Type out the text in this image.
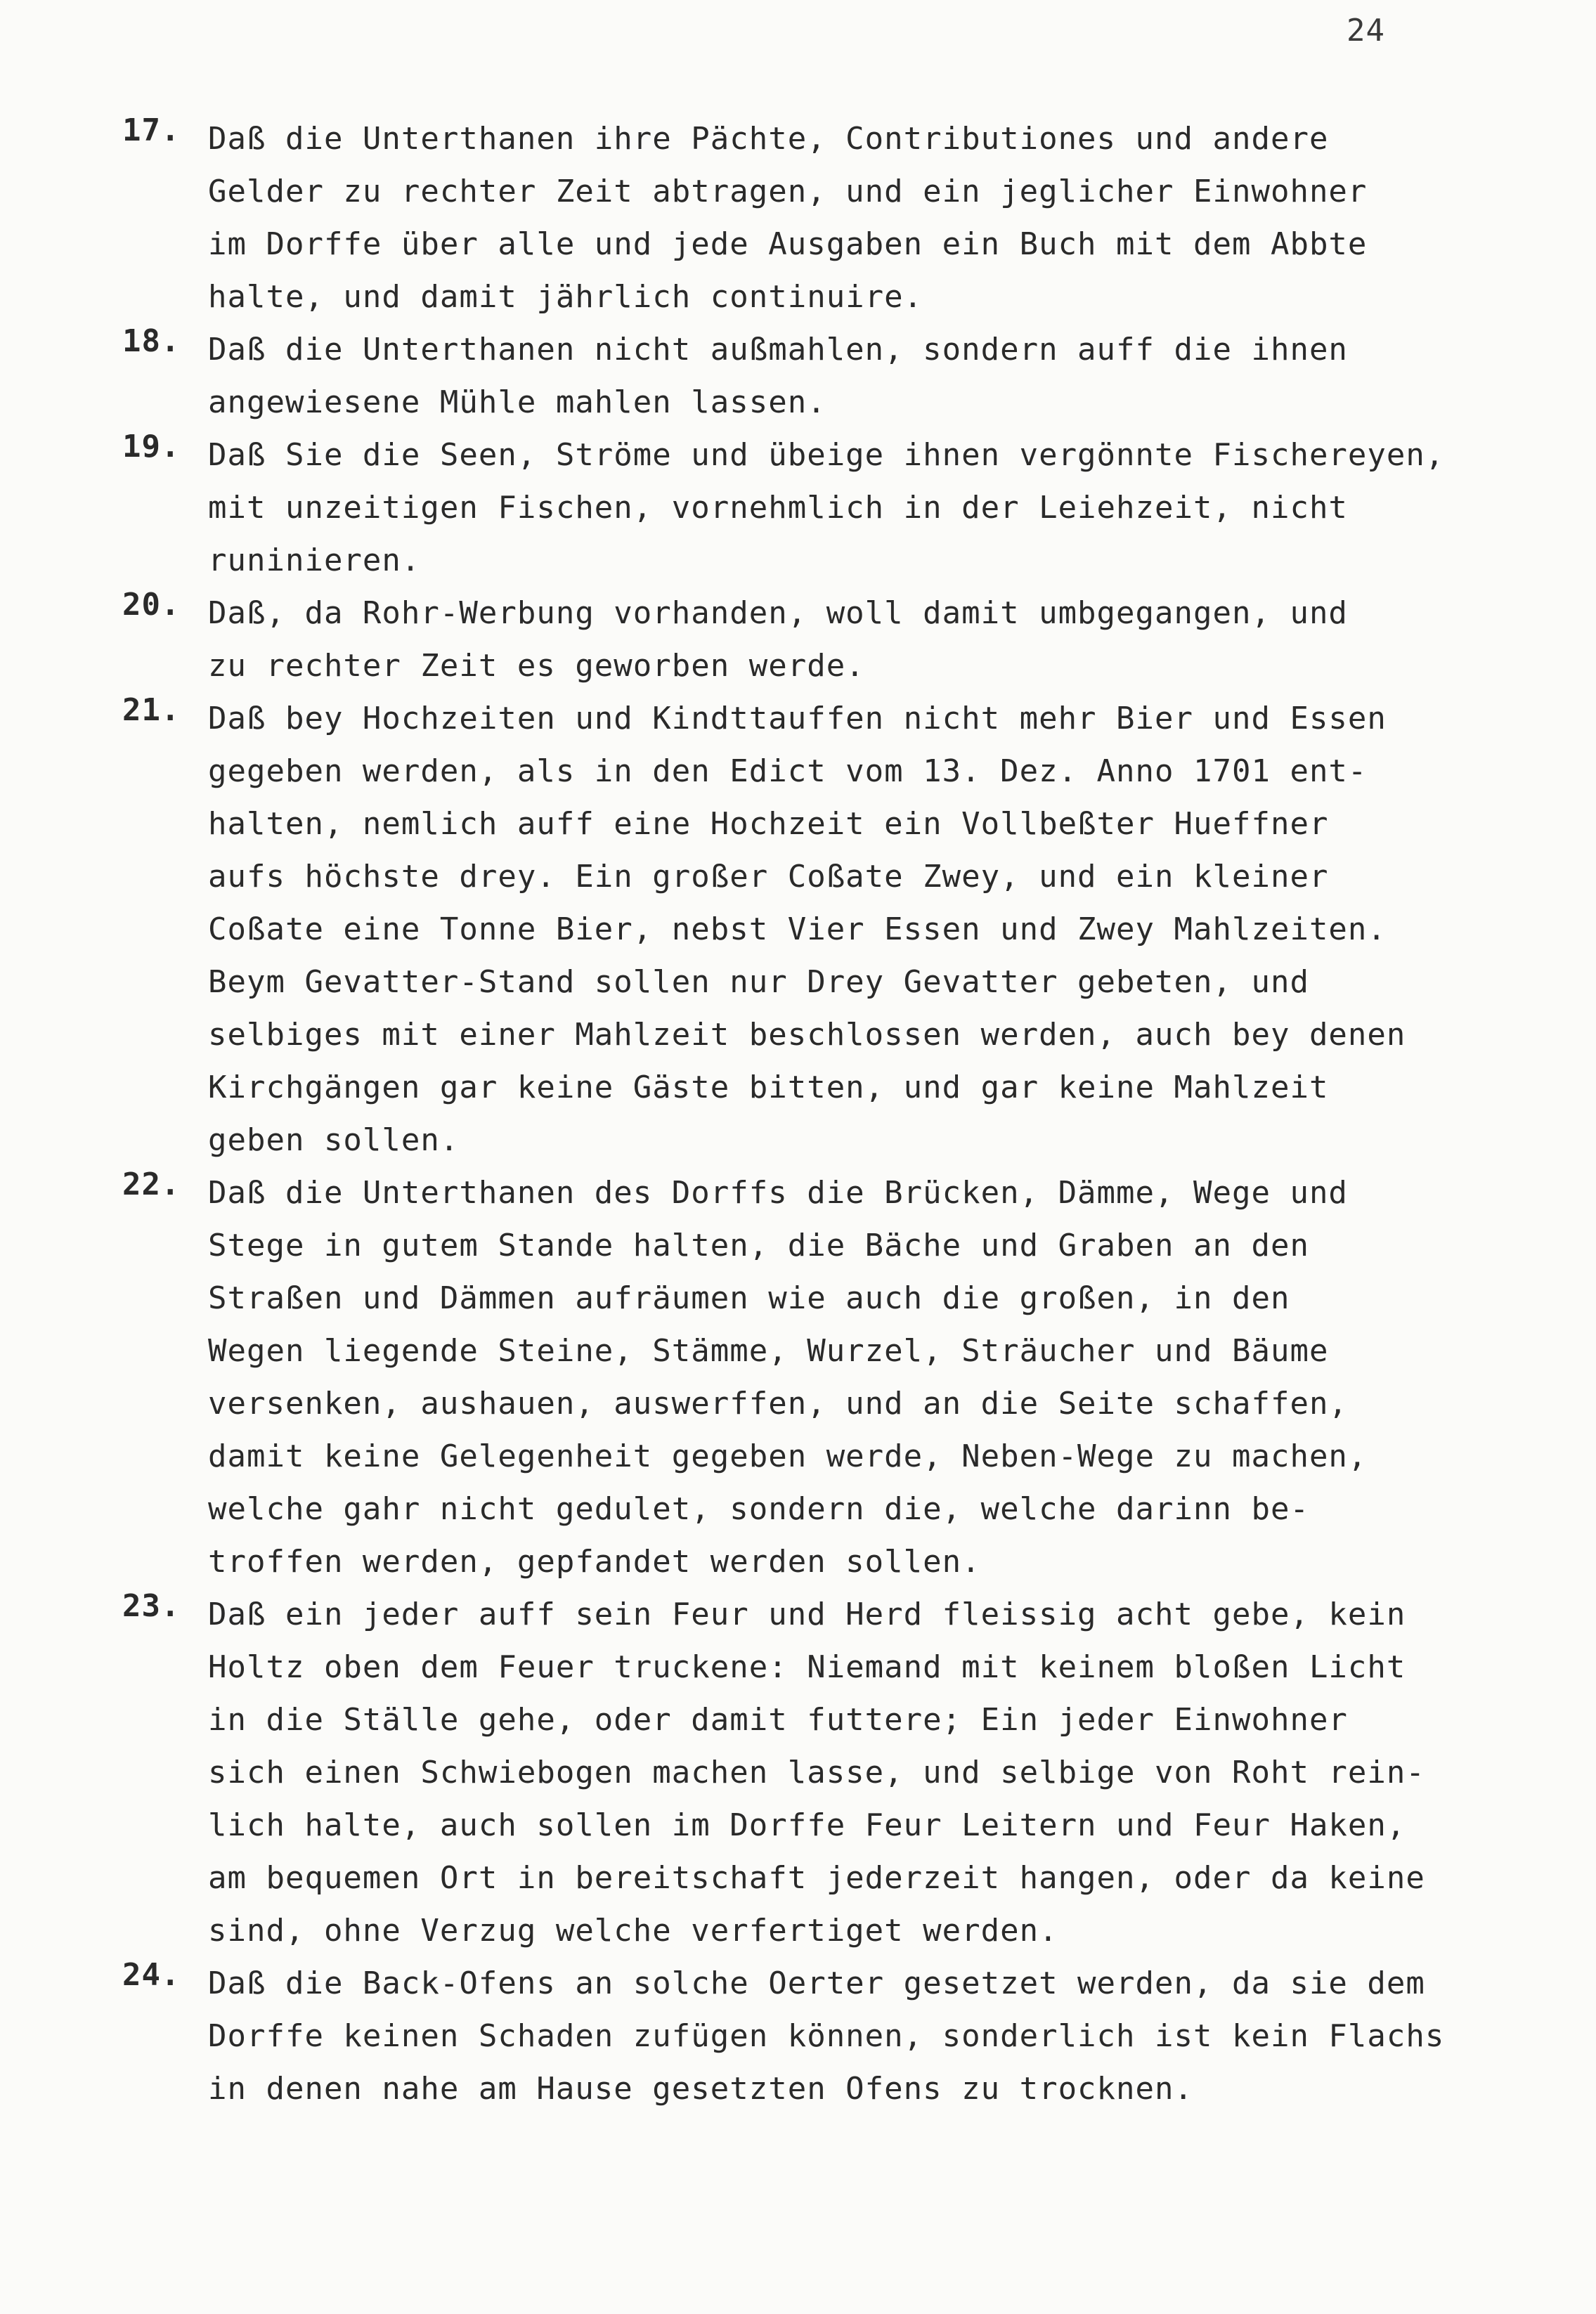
24
17. Daß die Unterthanen ihre Pächte, Contributiones und andere
Gelder zu rechter Zeit abtragen, und ein jeglicher Einwohner
im Dorffe über alle und jede Ausgaben ein Buch mit dem Abbte
halte, und damit jährlich continuire.
18. Daß die Unterthanen nicht außmahlen, sondern auff die ihnen
angewiesene Mühle mahlen lassen.
19. Daß Sie die Seen, Ströme und übeige ihnen vergönnte Fischereyen,
mit unzeitigen Fischen, vornehmlich in der Leiehzeit, nicht
runinieren.
20. Daß, da Rohr-Werbung vorhanden, woll damit umbgegangen, und
zu rechter Zeit es geworben werde.
21. Daß bey Hochzeiten und Kindttauffen nicht mehr Bier und Essen
gegeben werden, als in den Edict vom 13. Dez. Anno 1701 ent-
halten, nemlich auff eine Hochzeit ein Vollbeßter Hueffner
aufs höchste drey. Ein großer Coßate Zwey, und ein kleiner
Coßate eine Tonne Bier, nebst Vier Essen und Zwey Mahlzeiten.
Beym Gevatter-Stand sollen nur Drey Gevatter gebeten, und
selbiges mit einer Mahlzeit beschlossen werden, auch bey denen
Kirchgängen gar keine Gäste bitten, und gar keine Mahlzeit
geben sollen.
22. Daß die Unterthanen des Dorffs die Brücken, Dämme, Wege und
Stege in gutem Stande halten, die Bäche und Graben an den
Straßen und Dämmen aufräumen wie auch die großen, in den
Wegen liegende Steine, Stämme, Wurzel, Sträucher und Bäume
versenken, aushauen, auswerffen, und an die Seite schaffen,
damit keine Gelegenheit gegeben werde, Neben-Wege zu machen,
welche gahr nicht gedulet, sondern die, welche darinn be-
troffen werden, gepfandet werden sollen.
23. Daß ein jeder auff sein Feur und Herd fleissig acht gebe, kein
Holtz oben dem Feuer truckene: Niemand mit keinem bloßen Licht
in die Ställe gehe, oder damit futtere; Ein jeder Einwohner
sich einen Schwiebogen machen lasse, und selbige von Roht rein-
lich halte, auch sollen im Dorffe Feur Leitern und Feur Haken,
am bequemen Ort in bereitschaft jederzeit hangen, oder da keine
sind, ohne Verzug welche verfertiget werden.
24. Daß die Back-Ofens an solche Oerter gesetzet werden, da sie dem
Dorffe keinen Schaden zufügen können, sonderlich ist kein Flachs
in denen nahe am Hause gesetzten Ofens zu trocknen.
